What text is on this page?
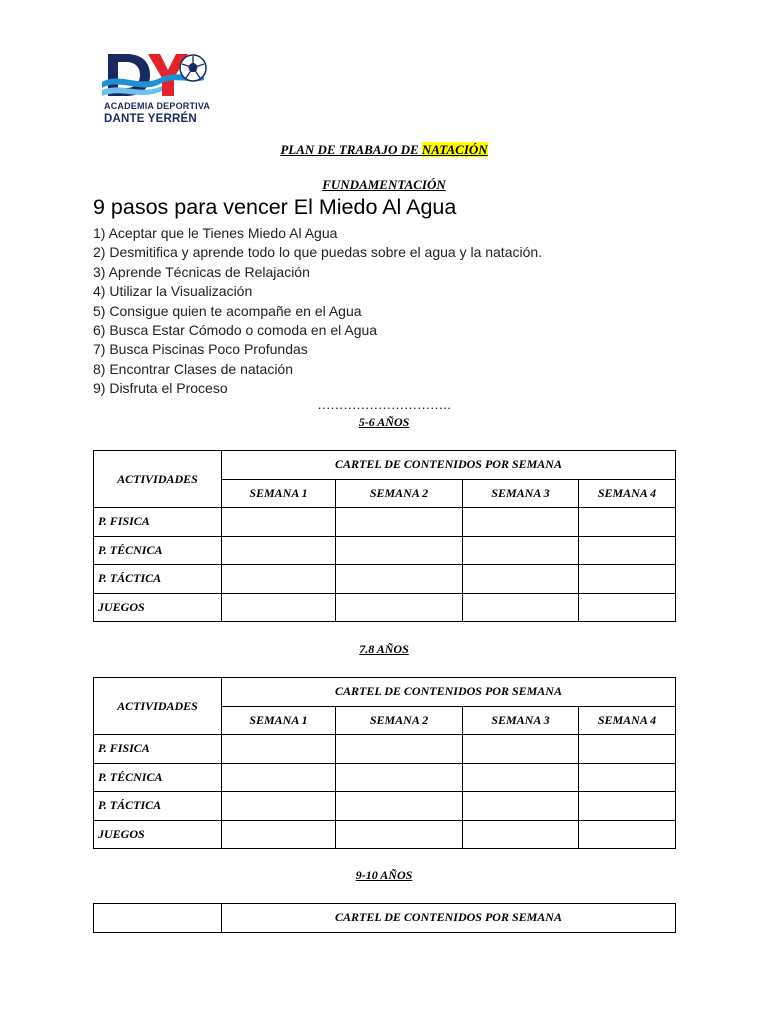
ACADEMIA DEPORTIVA
DANTE YERRÉN
PLAN DE TRABAJO DE NATACIÓN
FUNDAMENTACIÓN
9 pasos para vencer El Miedo Al Agua
1) Aceptar que le Tienes Miedo Al Agua
2) Desmitifica y aprende todo lo que puedas sobre el agua y la natación.
3) Aprende Técnicas de Relajación
4) Utilizar la Visualización
5) Consigue quien te acompañe en el Agua
6) Busca Estar Cómodo o comoda en el Agua
7) Busca Piscinas Poco Profundas
8) Encontrar Clases de natación
9) Disfruta el Proceso
………………………….
5-6 AÑOS
ACTIVIDADES	CARTEL DE CONTENIDOS POR SEMANA			
	SEMANA 1	SEMANA 2	SEMANA 3	SEMANA 4
P. FISICA				
P. TÉCNICA				
P. TÁCTICA				
JUEGOS				
7.8 AÑOS
ACTIVIDADES	CARTEL DE CONTENIDOS POR SEMANA			
	SEMANA 1	SEMANA 2	SEMANA 3	SEMANA 4
P. FISICA				
P. TÉCNICA				
P. TÁCTICA				
JUEGOS				
9-10 AÑOS
	CARTEL DE CONTENIDOS POR SEMANA
